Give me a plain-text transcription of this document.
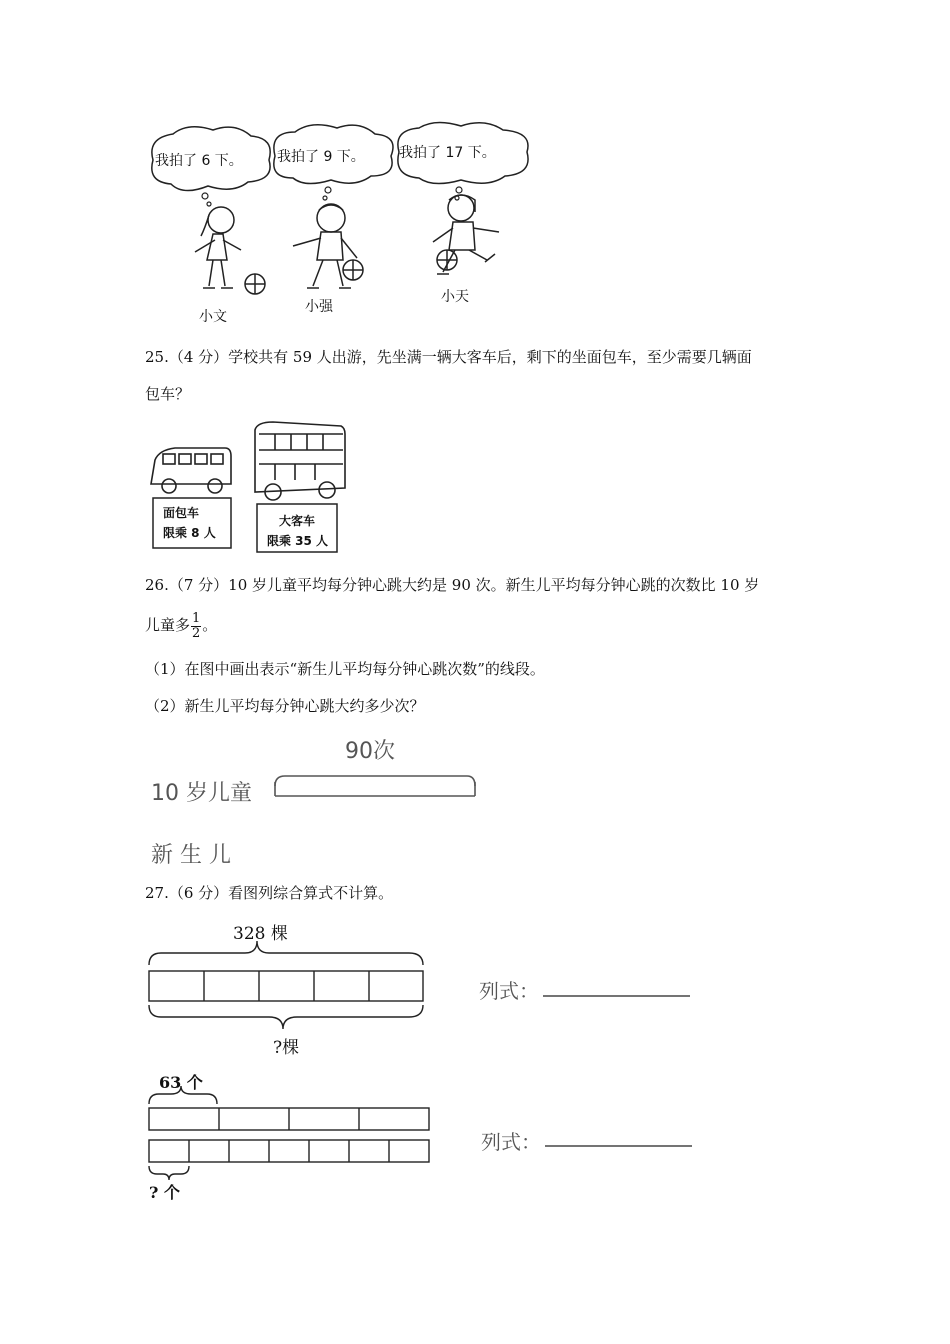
我拍了 6 下。 我拍了 9 下。 我拍了 17 下。
小文
小强
小天
25.（4 分）学校共有 59 人出游，先坐满一辆大客车后，剩下的坐面包车，至少需要几辆面
包车？
面包车
限乘 8 人
大客车
限乘 35 人
26.（7 分）10 岁儿童平均每分钟心跳大约是 90 次。新生儿平均每分钟心跳的次数比 10 岁
儿童多 $\frac{1}{2}$ 。
（1）在图中画出表示“新生儿平均每分钟心跳次数”的线段。
（2）新生儿平均每分钟心跳大约多少次？
90次
10 岁儿童
新 生 儿
27.（6 分）看图列综合算式不计算。
328 棵
?棵
列式：
63 个
? 个
列式：
